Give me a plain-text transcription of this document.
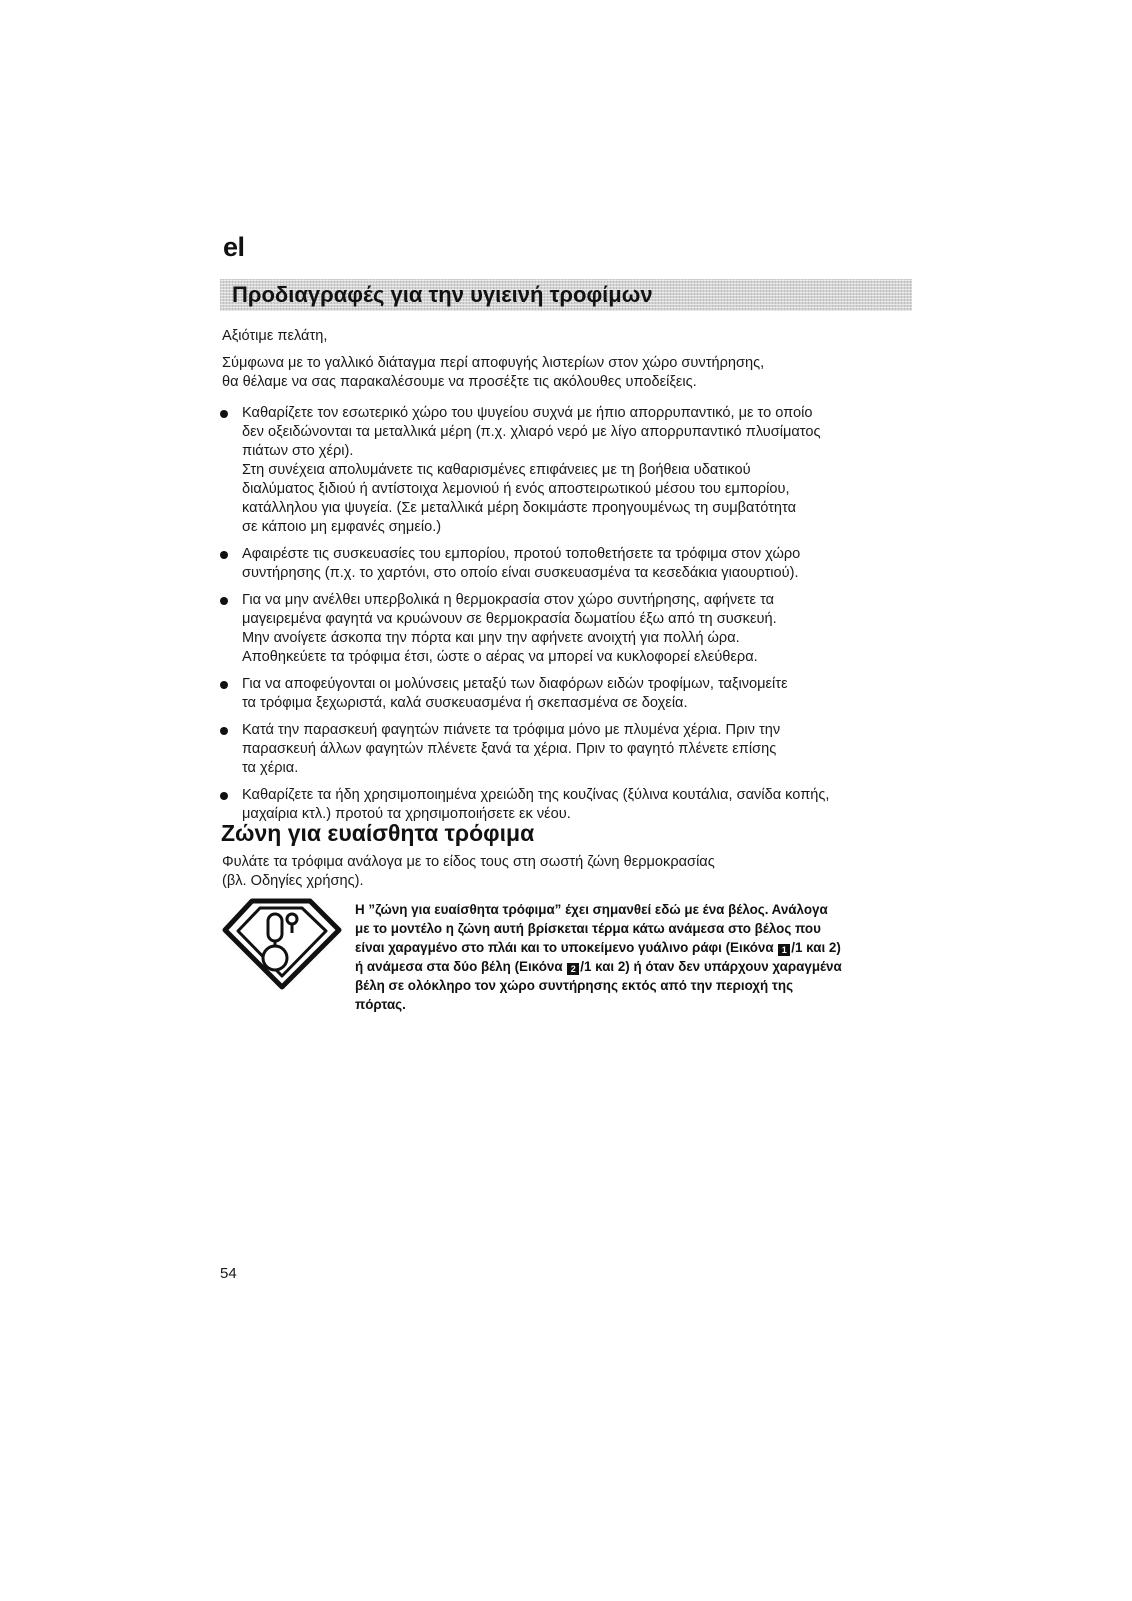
el
Προδιαγραφές για την υγιεινή τροφίμων
Αξιότιμε πελάτη,
Σύμφωνα με το γαλλικό διάταγμα περί αποφυγής λιστερίων στον χώρο συντήρησης,
θα θέλαμε να σας παρακαλέσουμε να προσέξτε τις ακόλουθες υποδείξεις.
Καθαρίζετε τον εσωτερικό χώρο του ψυγείου συχνά με ήπιο απορρυπαντικό, με το οποίο
δεν οξειδώνονται τα μεταλλικά μέρη (π.χ. χλιαρό νερό με λίγο απορρυπαντικό πλυσίματος
πιάτων στο χέρι).
Στη συνέχεια απολυμάνετε τις καθαρισμένες επιφάνειες με τη βοήθεια υδατικού
διαλύματος ξιδιού ή αντίστοιχα λεμονιού ή ενός αποστειρωτικού μέσου του εμπορίου,
κατάλληλου για ψυγεία. (Σε μεταλλικά μέρη δοκιμάστε προηγουμένως τη συμβατότητα
σε κάποιο μη εμφανές σημείο.)
Αφαιρέστε τις συσκευασίες του εμπορίου, προτού τοποθετήσετε τα τρόφιμα στον χώρο
συντήρησης (π.χ. το χαρτόνι, στο οποίο είναι συσκευασμένα τα κεσεδάκια γιαουρτιού).
Για να μην ανέλθει υπερβολικά η θερμοκρασία στον χώρο συντήρησης, αφήνετε τα
μαγειρεμένα φαγητά να κρυώνουν σε θερμοκρασία δωματίου έξω από τη συσκευή.
Μην ανοίγετε άσκοπα την πόρτα και μην την αφήνετε ανοιχτή για πολλή ώρα.
Αποθηκεύετε τα τρόφιμα έτσι, ώστε ο αέρας να μπορεί να κυκλοφορεί ελεύθερα.
Για να αποφεύγονται οι μολύνσεις μεταξύ των διαφόρων ειδών τροφίμων, ταξινομείτε
τα τρόφιμα ξεχωριστά, καλά συσκευασμένα ή σκεπασμένα σε δοχεία.
Κατά την παρασκευή φαγητών πιάνετε τα τρόφιμα μόνο με πλυμένα χέρια. Πριν την
παρασκευή άλλων φαγητών πλένετε ξανά τα χέρια. Πριν το φαγητό πλένετε επίσης
τα χέρια.
Καθαρίζετε τα ήδη χρησιμοποιημένα χρειώδη της κουζίνας (ξύλινα κουτάλια, σανίδα κοπής,
μαχαίρια κτλ.) προτού τα χρησιμοποιήσετε εκ νέου.
Ζώνη για ευαίσθητα τρόφιμα
Φυλάτε τα τρόφιμα ανάλογα με το είδος τους στη σωστή ζώνη θερμοκρασίας
(βλ. Οδηγίες χρήσης).
Η ”ζώνη για ευαίσθητα τρόφιμα” έχει σημανθεί εδώ με ένα βέλος. Ανάλογα
με το μοντέλο η ζώνη αυτή βρίσκεται τέρμα κάτω ανάμεσα στο βέλος που
είναι χαραγμένο στο πλάι και το υποκείμενο γυάλινο ράφι (Εικόνα 1 /1 και 2)
ή ανάμεσα στα δύο βέλη (Εικόνα 2 /1 και 2) ή όταν δεν υπάρχουν χαραγμένα
βέλη σε ολόκληρο τον χώρο συντήρησης εκτός από την περιοχή της
πόρτας.
54
